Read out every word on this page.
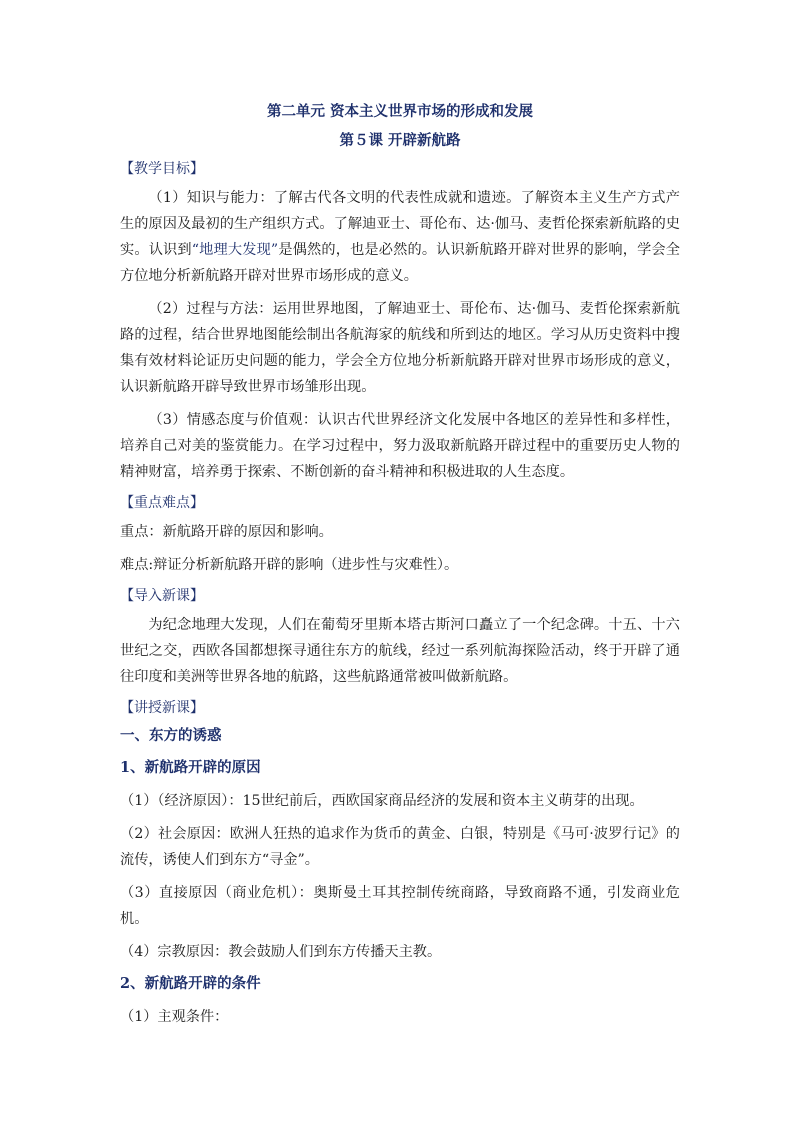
第二单元 资本主义世界市场的形成和发展
第５课 开辟新航路
【教学目标】

（1）知识与能力：了解古代各文明的代表性成就和遗迹。了解资本主义生产方式产生的原因及最初的生产组织方式。了解迪亚士、哥伦布、达·伽马、麦哲伦探索新航路的史实。认识到“地理大发现”是偶然的，也是必然的。认识新航路开辟对世界的影响，学会全方位地分析新航路开辟对世界市场形成的意义。

（2）过程与方法：运用世界地图，了解迪亚士、哥伦布、达·伽马、麦哲伦探索新航路的过程，结合世界地图能绘制出各航海家的航线和所到达的地区。学习从历史资料中搜集有效材料论证历史问题的能力，学会全方位地分析新航路开辟对世界市场形成的意义，认识新航路开辟导致世界市场雏形出现。

（3）情感态度与价值观：认识古代世界经济文化发展中各地区的差异性和多样性，培养自己对美的鉴赏能力。在学习过程中，努力汲取新航路开辟过程中的重要历史人物的精神财富，培养勇于探索、不断创新的奋斗精神和积极进取的人生态度。

【重点难点】

重点：新航路开辟的原因和影响。

难点:辩证分析新航路开辟的影响（进步性与灾难性）。

【导入新课】

为纪念地理大发现，人们在葡萄牙里斯本塔古斯河口矗立了一个纪念碑。十五、十六世纪之交，西欧各国都想探寻通往东方的航线，经过一系列航海探险活动，终于开辟了通往印度和美洲等世界各地的航路，这些航路通常被叫做新航路。

【讲授新课】
一、东方的诱惑
1、新航路开辟的原因

（1）（经济原因）：15世纪前后，西欧国家商品经济的发展和资本主义萌芽的出现。

（2）社会原因：欧洲人狂热的追求作为货币的黄金、白银，特别是《马可·波罗行记》的流传，诱使人们到东方“寻金”。

（3）直接原因（商业危机）：奥斯曼土耳其控制传统商路，导致商路不通，引发商业危机。

（4）宗教原因：教会鼓励人们到东方传播天主教。

2、新航路开辟的条件

（1）主观条件：
